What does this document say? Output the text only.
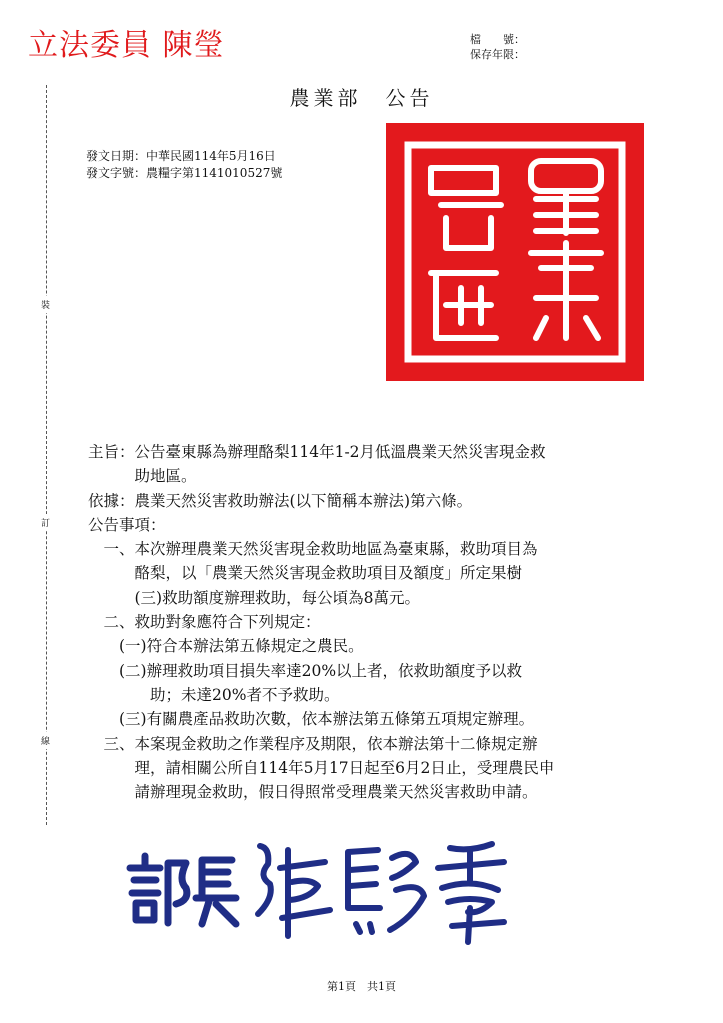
立法委員 陳瑩	檔　　號：
保存年限：
農業部　公告
裝
訂
線
發文日期：中華民國114年5月16日
發文字號：農糧字第1141010527號
主旨：公告臺東縣為辦理酪梨114年1-2月低溫農業天然災害現金救
　　　助地區。
依據：農業天然災害救助辦法(以下簡稱本辦法)第六條。
公告事項：
　一、本次辦理農業天然災害現金救助地區為臺東縣，救助項目為
　　　酪梨，以「農業天然災害現金救助項目及額度」所定果樹
　　　(三)救助額度辦理救助，每公頃為8萬元。
　二、救助對象應符合下列規定：
　　(一)符合本辦法第五條規定之農民。
　　(二)辦理救助項目損失率達20%以上者，依救助額度予以救
　　　　助；未達20%者不予救助。
　　(三)有關農產品救助次數，依本辦法第五條第五項規定辦理。
　三、本案現金救助之作業程序及期限，依本辦法第十二條規定辦
　　　理，請相關公所自114年5月17日起至6月2日止，受理農民申
　　　請辦理現金救助，假日得照常受理農業天然災害救助申請。
第1頁　共1頁
